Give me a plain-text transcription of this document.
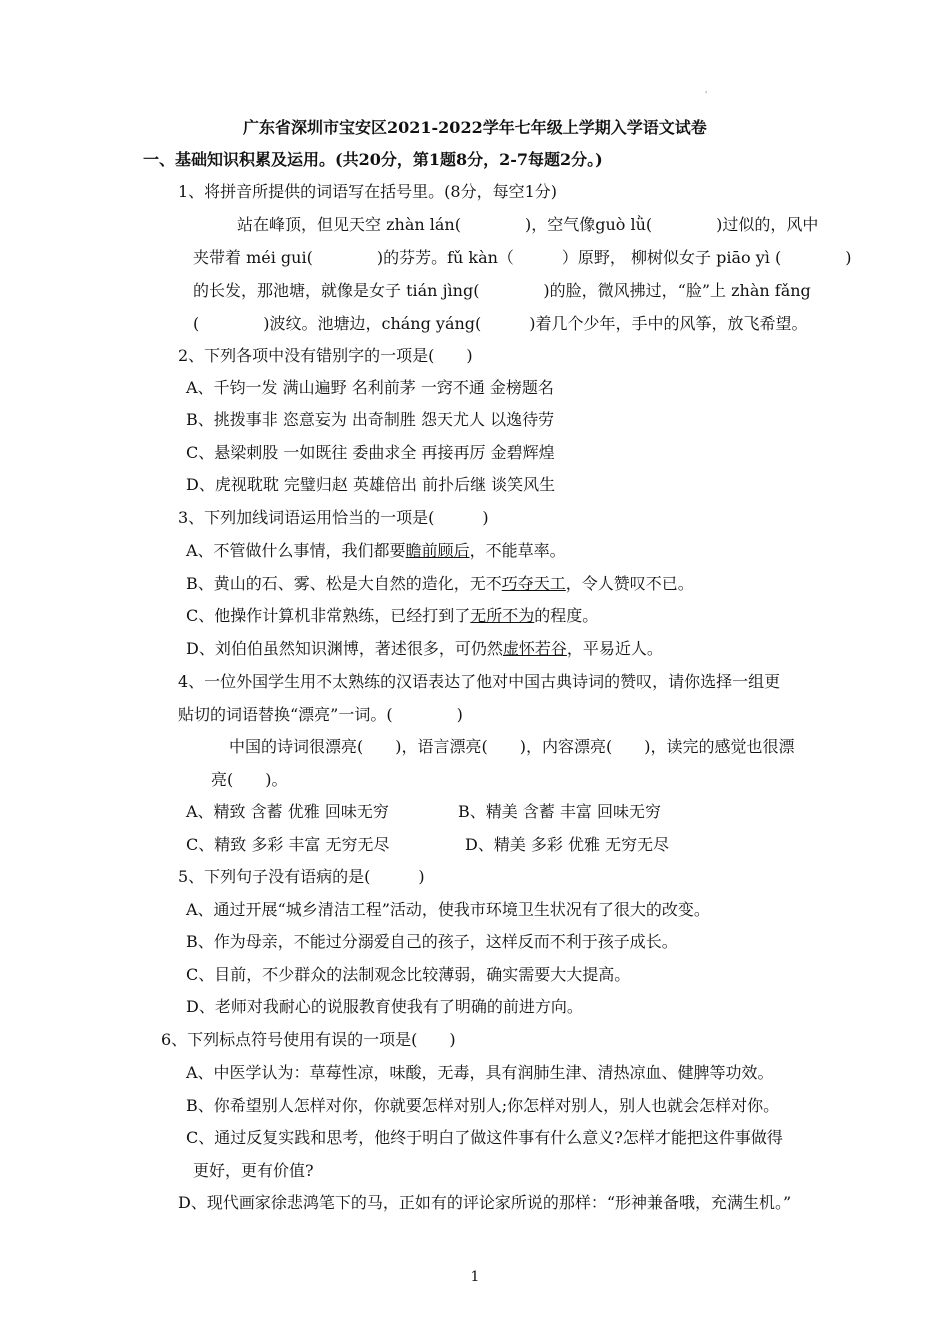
'
广东省深圳市宝安区2021-2022学年七年级上学期入学语文试卷
一、基础知识积累及运用。(共20分，第1题8分，2-7每题2分。)
1、将拼音所提供的词语写在括号里。(8分，每空1分)
站在峰顶，但见天空 zhàn lán(　　　　)，空气像guò lǜ(　　　　)过似的，风中
夹带着 méi gui(　　　　)的芬芳。fǔ kàn（　　　）原野， 柳树似女子 piāo yì (　　　　)
的长发，那池塘，就像是女子 tián jìng(　　　　)的脸，微风拂过，“脸”上 zhàn fǎng
(　　　　)波纹。池塘边，cháng yáng(　　　)着几个少年，手中的风筝，放飞希望。
2、下列各项中没有错别字的一项是(　　)
A、千钧一发 满山遍野 名利前茅 一窍不通 金榜题名
B、挑拨事非 恣意妄为 出奇制胜 怨天尤人 以逸待劳
C、悬梁刺股 一如既往 委曲求全 再接再厉 金碧辉煌
D、虎视耽耽 完璧归赵 英雄倍出 前扑后继 谈笑风生
3、下列加线词语运用恰当的一项是(　　　)
A、不管做什么事情，我们都要瞻前顾后，不能草率。
B、黄山的石、雾、松是大自然的造化，无不巧夺天工，令人赞叹不已。
C、他操作计算机非常熟练，已经打到了无所不为的程度。
D、刘伯伯虽然知识渊博，著述很多，可仍然虚怀若谷，平易近人。
4、一位外国学生用不太熟练的汉语表达了他对中国古典诗词的赞叹，请你选择一组更
贴切的词语替换“漂亮”一词。(　　　　)
中国的诗词很漂亮(　　)，语言漂亮(　　)，内容漂亮(　　)，读完的感觉也很漂
亮(　　)。
A、精致 含蓄 优雅 回味无穷	B、精美 含蓄 丰富 回味无穷
C、精致 多彩 丰富 无穷无尽	D、精美 多彩 优雅 无穷无尽
5、下列句子没有语病的是(　　　)
A、通过开展“城乡清洁工程”活动，使我市环境卫生状况有了很大的改变。
B、作为母亲，不能过分溺爱自己的孩子，这样反而不利于孩子成长。
C、目前，不少群众的法制观念比较薄弱，确实需要大大提高。
D、老师对我耐心的说服教育使我有了明确的前进方向。
6、下列标点符号使用有误的一项是(　　)
A、中医学认为：草莓性凉，味酸，无毒，具有润肺生津、清热凉血、健脾等功效。
B、你希望别人怎样对你，你就要怎样对别人;你怎样对别人，别人也就会怎样对你。
C、通过反复实践和思考，他终于明白了做这件事有什么意义?怎样才能把这件事做得
更好，更有价值?
D、现代画家徐悲鸿笔下的马，正如有的评论家所说的那样：“形神兼备哦，充满生机。”
1
